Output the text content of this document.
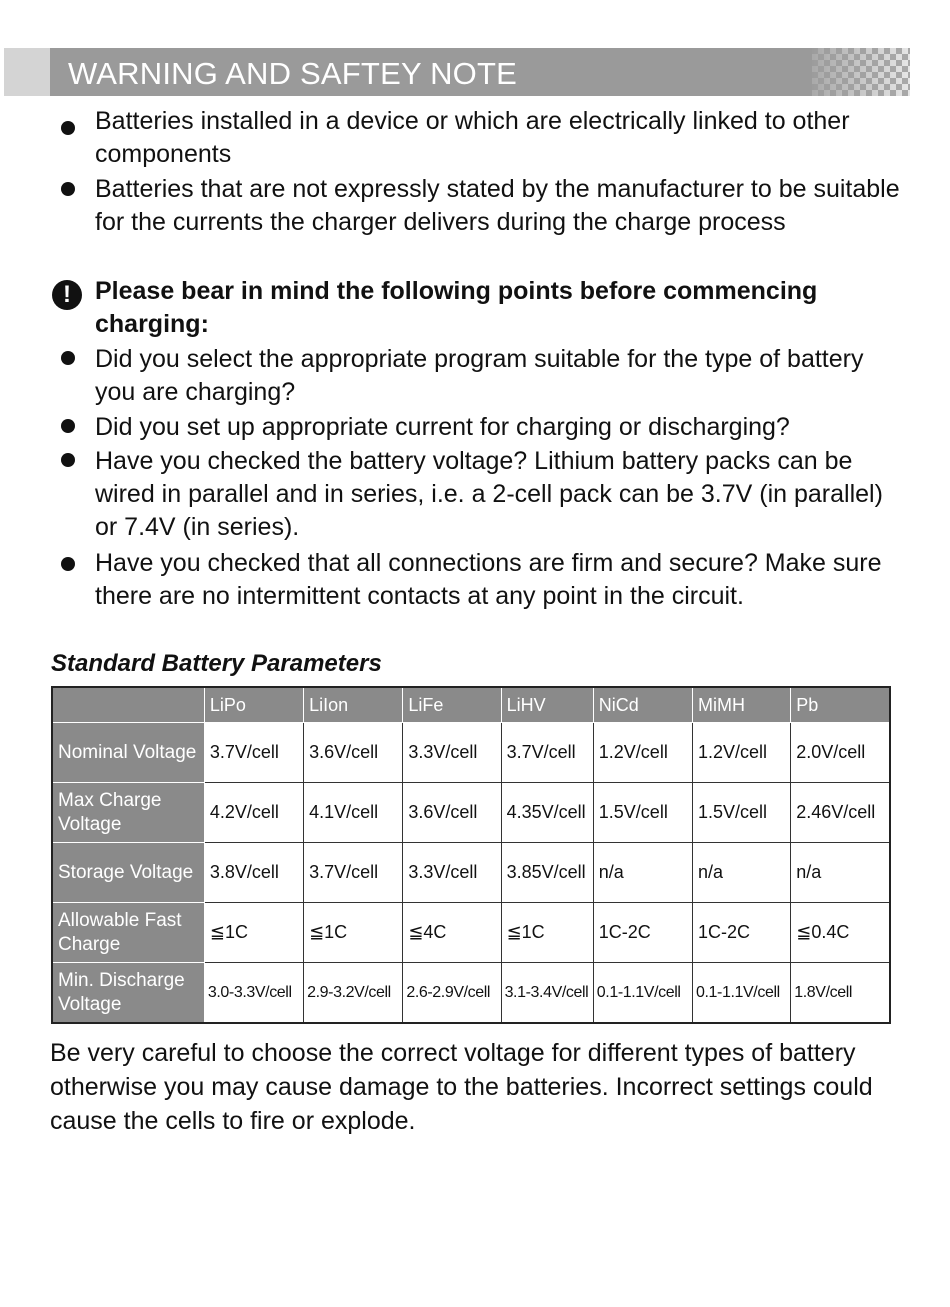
WARNING AND SAFTEY NOTE
Batteries installed in a device or which are electrically linked to other components
Batteries that are not expressly stated by the manufacturer to be suitable for the currents the charger delivers during the charge process
! Please bear in mind the following points before commencing charging:
Did you select the appropriate program suitable for the type of battery you are charging?
Did you set up appropriate current for charging or discharging?
Have you checked the battery voltage? Lithium battery packs can be wired in parallel and in series, i.e. a 2-cell pack can be 3.7V (in parallel) or 7.4V (in series).
Have you checked that all connections are firm and secure? Make sure there are no intermittent contacts at any point in the circuit.
Standard Battery Parameters
	LiPo	LiIon	LiFe	LiHV	NiCd	MiMH	Pb
Nominal Voltage	3.7V/cell	3.6V/cell	3.3V/cell	3.7V/cell	1.2V/cell	1.2V/cell	2.0V/cell
Max Charge Voltage	4.2V/cell	4.1V/cell	3.6V/cell	4.35V/cell	1.5V/cell	1.5V/cell	2.46V/cell
Storage Voltage	3.8V/cell	3.7V/cell	3.3V/cell	3.85V/cell	n/a	n/a	n/a
Allowable Fast Charge	≦1C	≦1C	≦4C	≦1C	1C-2C	1C-2C	≦0.4C
Min. Discharge Voltage	3.0-3.3V/cell	2.9-3.2V/cell	2.6-2.9V/cell	3.1-3.4V/cell	0.1-1.1V/cell	0.1-1.1V/cell	1.8V/cell
Be very careful to choose the correct voltage for different types of battery otherwise you may cause damage to the batteries. Incorrect settings could cause the cells to fire or explode.
